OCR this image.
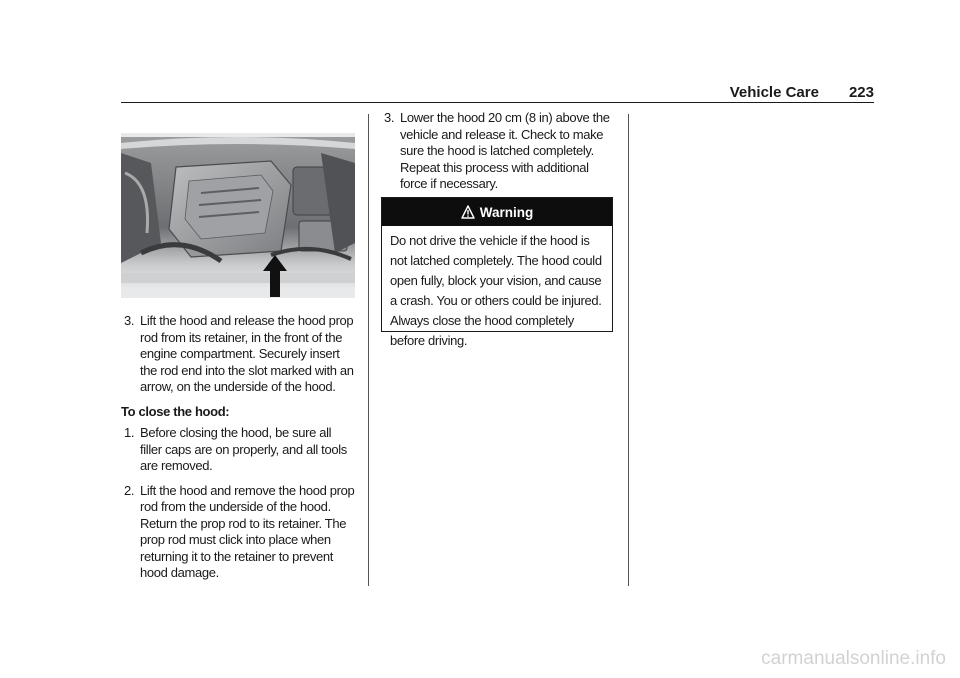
Vehicle Care 223
3. Lift the hood and release the hood prop rod from its retainer, in the front of the engine compartment. Securely insert the rod end into the slot marked with an arrow, on the underside of the hood.
To close the hood:
1. Before closing the hood, be sure all filler caps are on properly, and all tools are removed.
2. Lift the hood and remove the hood prop rod from the underside of the hood. Return the prop rod to its retainer. The prop rod must click into place when returning it to the retainer to prevent hood damage.
3. Lower the hood 20 cm (8 in) above the vehicle and release it. Check to make sure the hood is latched completely. Repeat this process with additional force if necessary.
Warning
Do not drive the vehicle if the hood is not latched completely. The hood could open fully, block your vision, and cause a crash. You or others could be injured. Always close the hood completely before driving.
carmanualsonline.info
